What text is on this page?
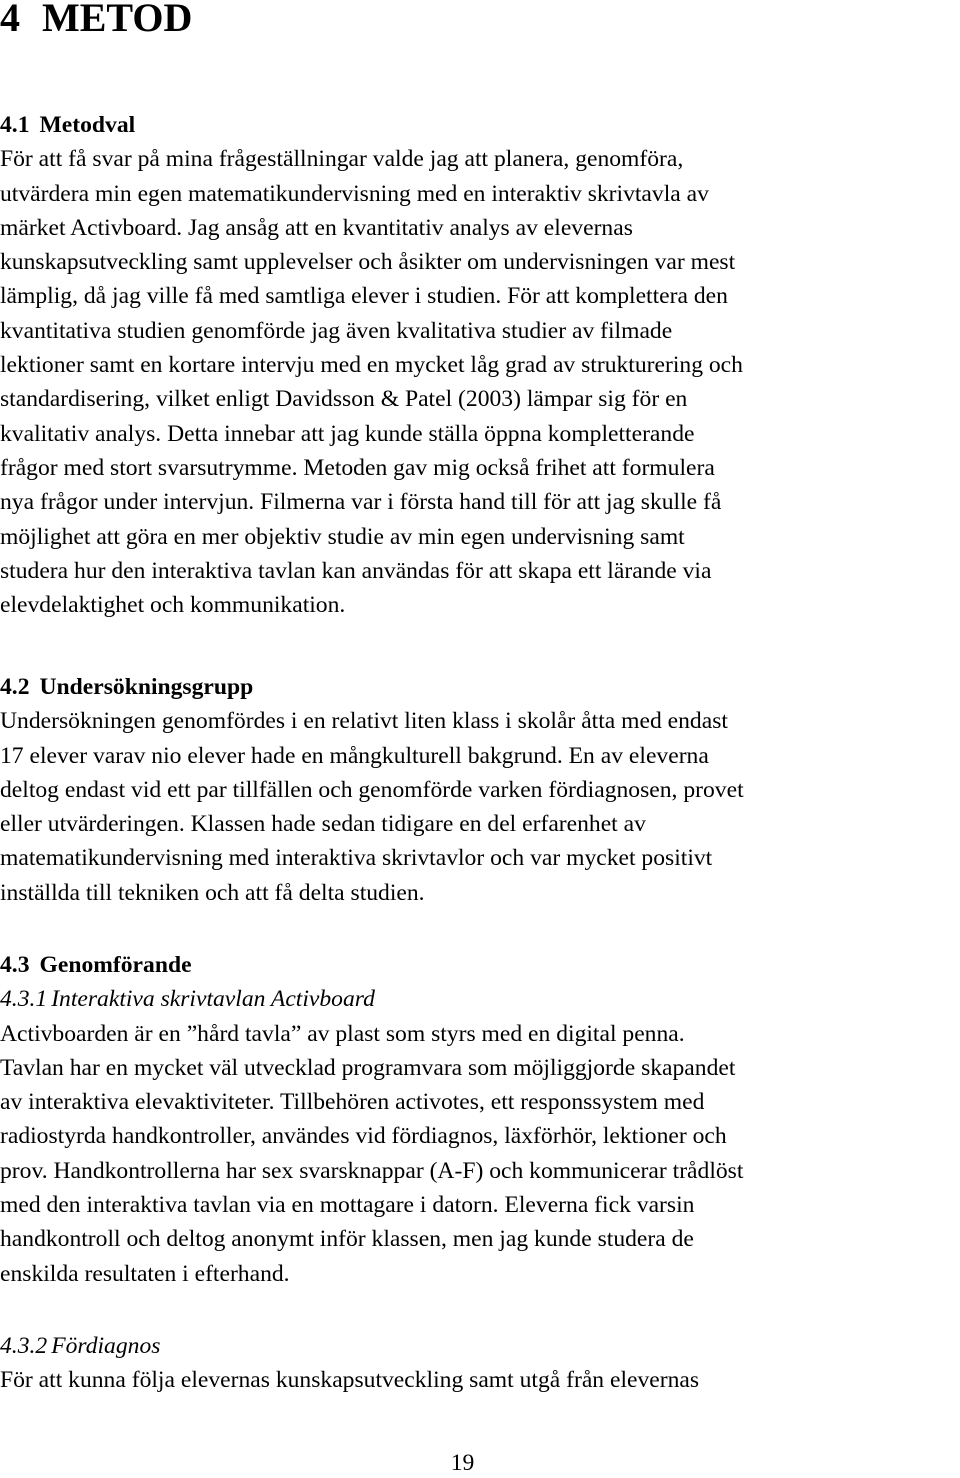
4 METOD
4.1 Metodval
För att få svar på mina frågeställningar valde jag att planera, genomföra,
utvärdera min egen matematikundervisning med en interaktiv skrivtavla av
märket Activboard. Jag ansåg att en kvantitativ analys av elevernas
kunskapsutveckling samt upplevelser och åsikter om undervisningen var mest
lämplig, då jag ville få med samtliga elever i studien. För att komplettera den
kvantitativa studien genomförde jag även kvalitativa studier av filmade
lektioner samt en kortare intervju med en mycket låg grad av strukturering och
standardisering, vilket enligt Davidsson & Patel (2003) lämpar sig för en
kvalitativ analys. Detta innebar att jag kunde ställa öppna kompletterande
frågor med stort svarsutrymme. Metoden gav mig också frihet att formulera
nya frågor under intervjun. Filmerna var i första hand till för att jag skulle få
möjlighet att göra en mer objektiv studie av min egen undervisning samt
studera hur den interaktiva tavlan kan användas för att skapa ett lärande via
elevdelaktighet och kommunikation.
4.2 Undersökningsgrupp
Undersökningen genomfördes i en relativt liten klass i skolår åtta med endast
17 elever varav nio elever hade en mångkulturell bakgrund. En av eleverna
deltog endast vid ett par tillfällen och genomförde varken fördiagnosen, provet
eller utvärderingen. Klassen hade sedan tidigare en del erfarenhet av
matematikundervisning med interaktiva skrivtavlor och var mycket positivt
inställda till tekniken och att få delta studien.
4.3 Genomförande
4.3.1 Interaktiva skrivtavlan Activboard
Activboarden är en ”hård tavla” av plast som styrs med en digital penna.
Tavlan har en mycket väl utvecklad programvara som möjliggjorde skapandet
av interaktiva elevaktiviteter. Tillbehören activotes, ett responssystem med
radiostyrda handkontroller, användes vid fördiagnos, läxförhör, lektioner och
prov. Handkontrollerna har sex svarsknappar (A-F) och kommunicerar trådlöst
med den interaktiva tavlan via en mottagare i datorn. Eleverna fick varsin
handkontroll och deltog anonymt inför klassen, men jag kunde studera de
enskilda resultaten i efterhand.
4.3.2 Fördiagnos
För att kunna följa elevernas kunskapsutveckling samt utgå från elevernas
19
